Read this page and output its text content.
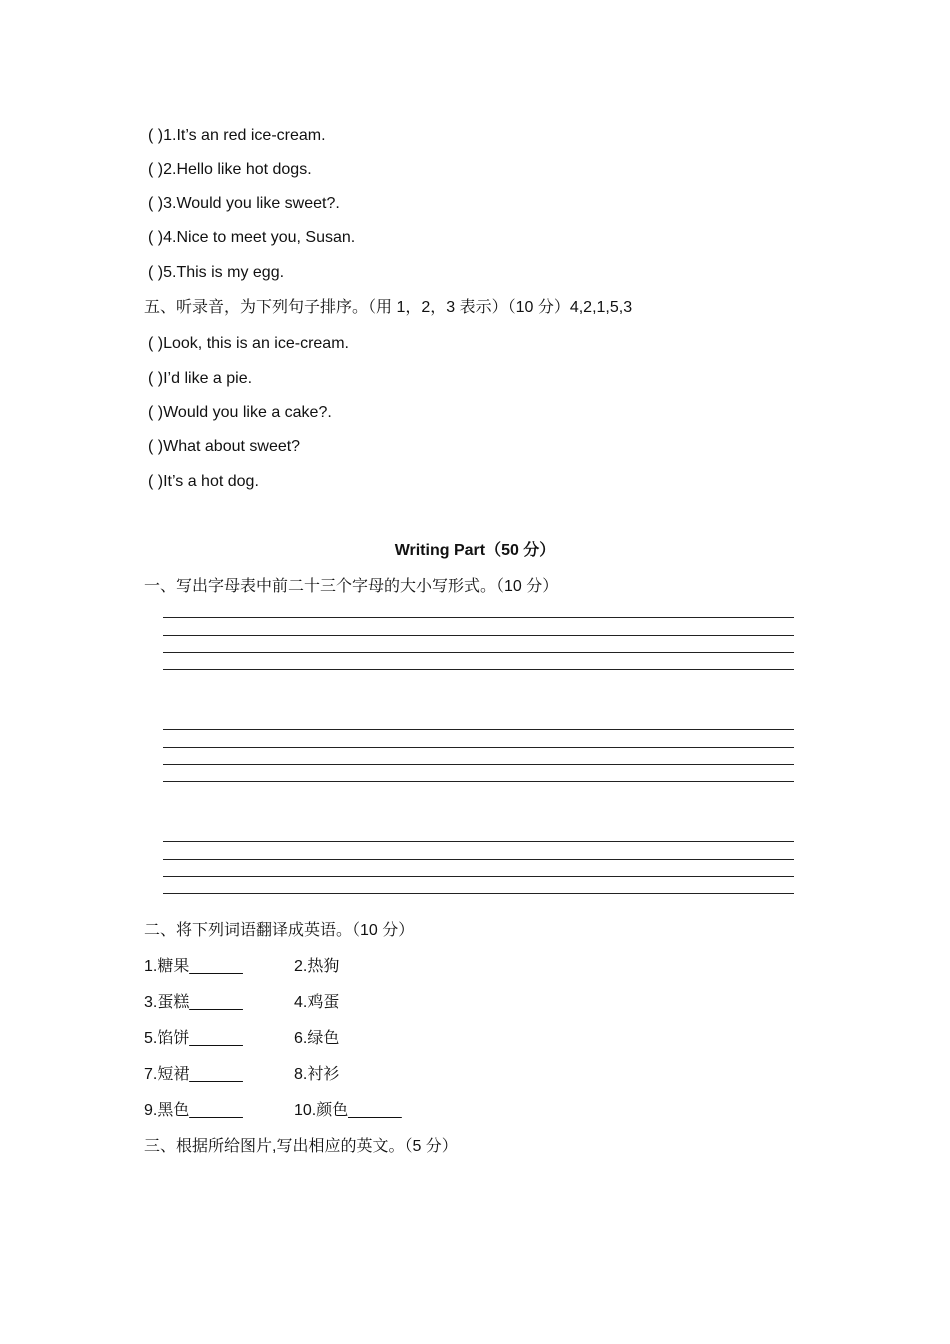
( )1.It’s an red ice-cream.
( )2.Hello like hot dogs.
( )3.Would you like sweet?.
( )4.Nice to meet you, Susan.
( )5.This is my egg.
五、听录音，为下列句子排序。（用 1，2，3 表示）（10 分）4,2,1,5,3
( )Look, this is an ice-cream.
( )I’d like a pie.
( )Would you like a cake?.
( )What about sweet?
( )It’s a hot dog.
Writing Part（50 分）
一、写出字母表中前二十三个字母的大小写形式。（10 分）
二、将下列词语翻译成英语。（10 分）
1.糖果______	2.热狗
3.蛋糕______	4.鸡蛋
5.馅饼______	6.绿色
7.短裙______	8.衬衫
9.黑色______	10.颜色______
三、根据所给图片,写出相应的英文。（5 分）
